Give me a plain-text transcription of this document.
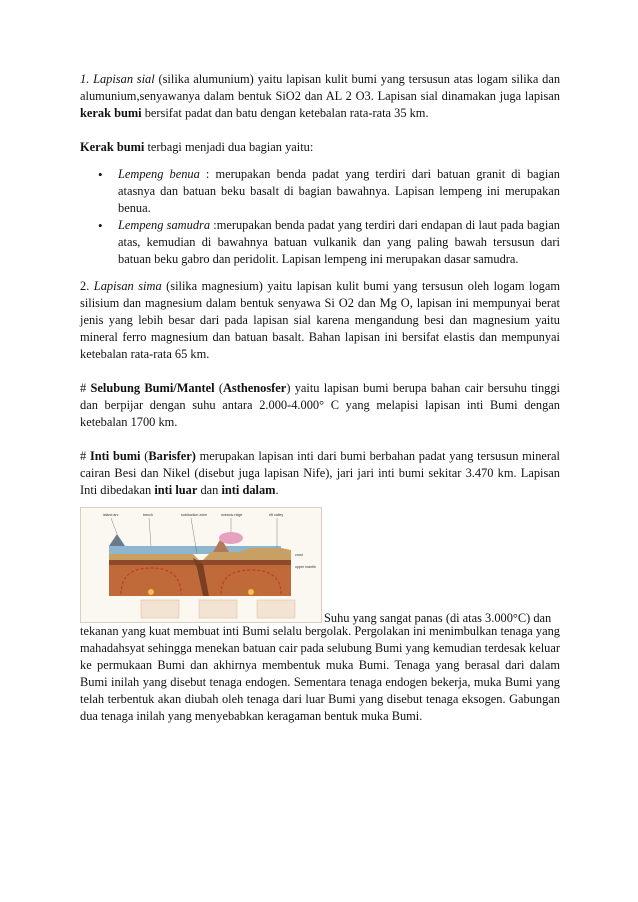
1. Lapisan sial (silika alumunium) yaitu lapisan kulit bumi yang tersusun atas logam silika dan alumunium,senyawanya dalam bentuk SiO2 dan AL 2 O3. Lapisan sial dinamakan juga lapisan kerak bumi bersifat padat dan batu dengan ketebalan rata-rata 35 km.

Kerak bumi terbagi menjadi dua bagian yaitu:

• Lempeng benua : merupakan benda padat yang terdiri dari batuan granit di bagian atasnya dan batuan beku basalt di bagian bawahnya. Lapisan lempeng ini merupakan benua.
• Lempeng samudra :merupakan benda padat yang terdiri dari endapan di laut pada bagian atas, kemudian di bawahnya batuan vulkanik dan yang paling bawah tersusun dari batuan beku gabro dan peridolit. Lapisan lempeng ini merupakan dasar samudra.

2. Lapisan sima (silika magnesium) yaitu lapisan kulit bumi yang tersusun oleh logam logam silisium dan magnesium dalam bentuk senyawa Si O2 dan Mg O, lapisan ini mempunyai berat jenis yang lebih besar dari pada lapisan sial karena mengandung besi dan magnesium yaitu mineral ferro magnesium dan batuan basalt. Bahan lapisan ini bersifat elastis dan mempunyai ketebalan rata-rata 65 km.

# Selubung Bumi/Mantel (Asthenosfer) yaitu lapisan bumi berupa bahan cair bersuhu tinggi dan berpijar dengan suhu antara 2.000-4.000° C yang melapisi lapisan inti Bumi dengan ketebalan 1700 km.

# Inti bumi (Barisfer) merupakan lapisan inti dari bumi berbahan padat yang tersusun mineral cairan Besi dan Nikel (disebut juga lapisan Nife), jari jari inti bumi sekitar 3.470 km. Lapisan Inti dibedakan inti luar dan inti dalam.

island arc	trench	subduction zone	oceanic ridge	rift valley
crust
upper mantle
Suhu yang sangat panas (di atas 3.000°C) dan

tekanan yang kuat membuat inti Bumi selalu bergolak. Pergolakan ini menimbulkan tenaga yang mahadahsyat sehingga menekan batuan cair pada selubung Bumi yang kemudian terdesak keluar ke permukaan Bumi dan akhirnya membentuk muka Bumi. Tenaga yang berasal dari dalam Bumi inilah yang disebut tenaga endogen. Sementara tenaga endogen bekerja, muka Bumi yang telah terbentuk akan diubah oleh tenaga dari luar Bumi yang disebut tenaga eksogen. Gabungan dua tenaga inilah yang menyebabkan keragaman bentuk muka Bumi.
